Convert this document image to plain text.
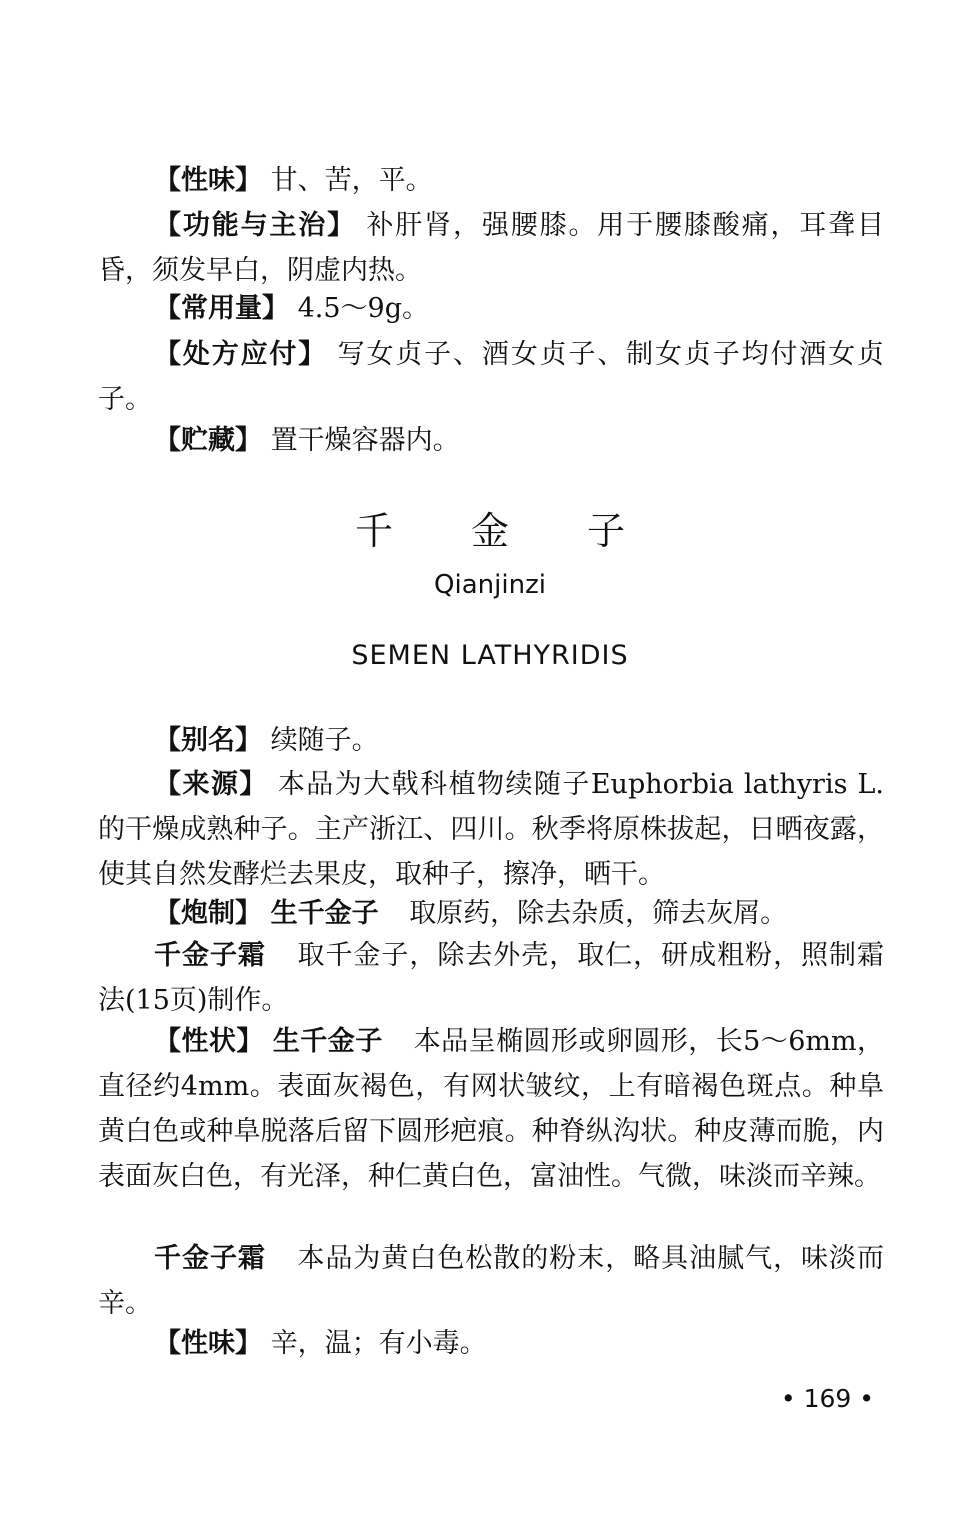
【性味】 甘、苦，平。

【功能与主治】 补肝肾，强腰膝。用于腰膝酸痛，耳聋目昏，须发早白，阴虚内热。

【常用量】 4.5～9g。

【处方应付】 写女贞子、酒女贞子、制女贞子均付酒女贞子。

【贮藏】 置干燥容器内。

千金子
Qianjinzi
SEMEN LATHYRIDIS

【别名】 续随子。

【来源】 本品为大戟科植物续随子Euphorbia lathyris L.的干燥成熟种子。主产浙江、四川。秋季将原株拔起，日晒夜露，使其自然发酵烂去果皮，取种子，擦净，晒干。

【炮制】 生千金子 取原药，除去杂质，筛去灰屑。

千金子霜 取千金子，除去外壳，取仁，研成粗粉，照制霜法(15页)制作。

【性状】 生千金子 本品呈椭圆形或卵圆形，长5～6mm，直径约4mm。表面灰褐色，有网状皱纹，上有暗褐色斑点。种阜黄白色或种阜脱落后留下圆形疤痕。种脊纵沟状。种皮薄而脆，内表面灰白色，有光泽，种仁黄白色，富油性。气微，味淡而辛辣。

千金子霜 本品为黄白色松散的粉末，略具油腻气，味淡而辛。

【性味】 辛，温；有小毒。

• 169 •
